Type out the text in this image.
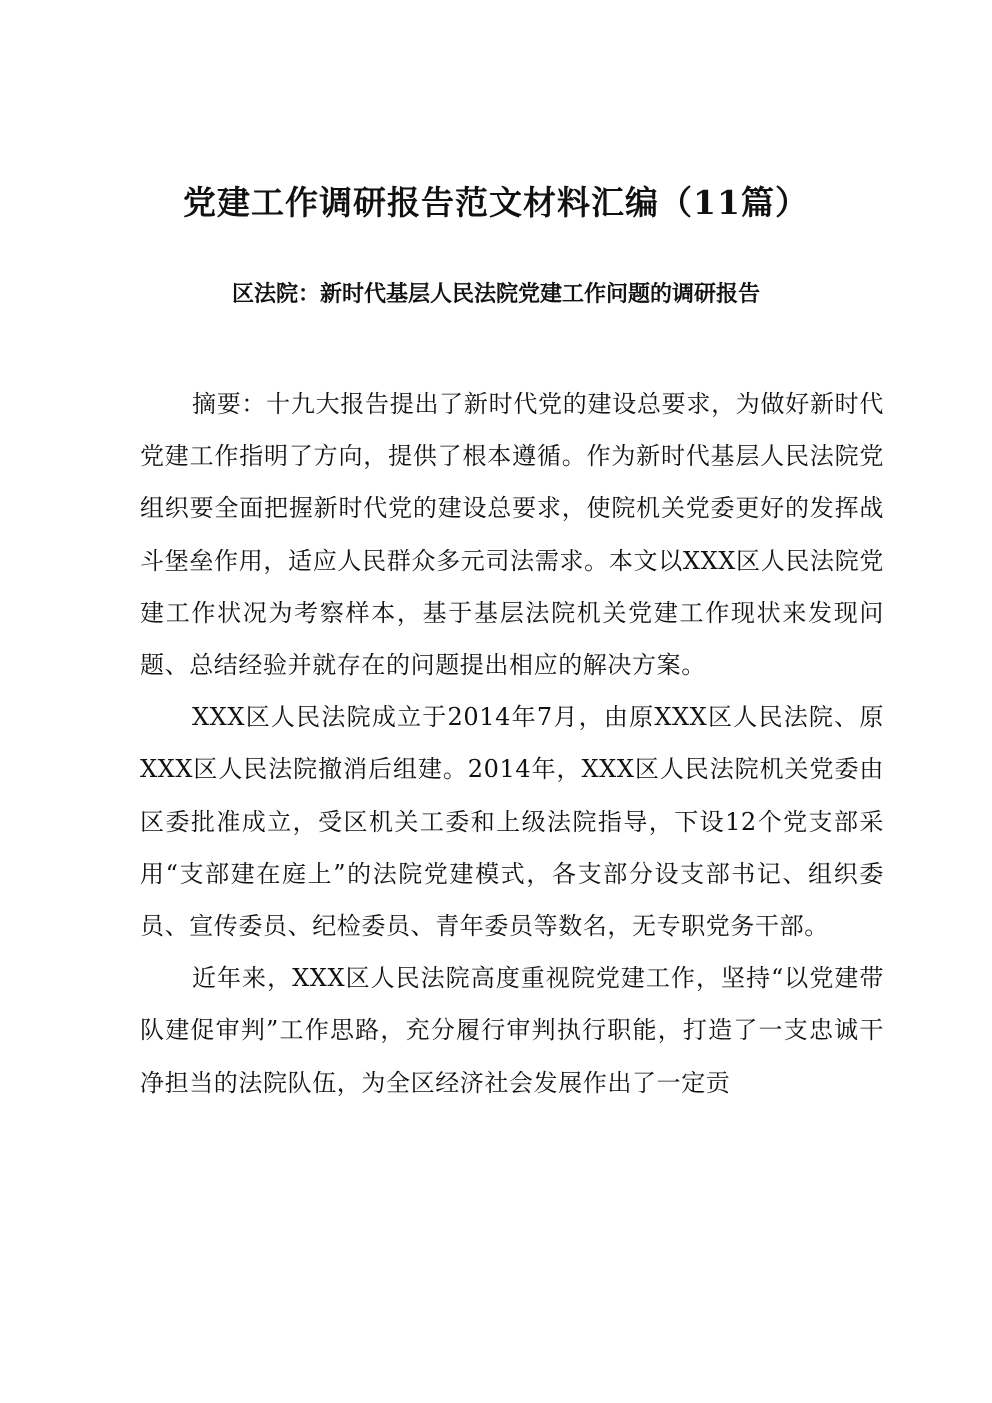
党建工作调研报告范文材料汇编（11篇）
区法院：新时代基层人民法院党建工作问题的调研报告

摘要：十九大报告提出了新时代党的建设总要求，为做好新时代党建工作指明了方向，提供了根本遵循。作为新时代基层人民法院党组织要全面把握新时代党的建设总要求，使院机关党委更好的发挥战斗堡垒作用，适应人民群众多元司法需求。本文以XXX区人民法院党建工作状况为考察样本，基于基层法院机关党建工作现状来发现问题、总结经验并就存在的问题提出相应的解决方案。

XXX区人民法院成立于2014年7月，由原XXX区人民法院、原XXX区人民法院撤消后组建。2014年，XXX区人民法院机关党委由区委批准成立，受区机关工委和上级法院指导，下设12个党支部采用“支部建在庭上”的法院党建模式，各支部分设支部书记、组织委员、宣传委员、纪检委员、青年委员等数名，无专职党务干部。

近年来，XXX区人民法院高度重视院党建工作，坚持“以党建带队建促审判”工作思路，充分履行审判执行职能，打造了一支忠诚干净担当的法院队伍，为全区经济社会发展作出了一定贡
